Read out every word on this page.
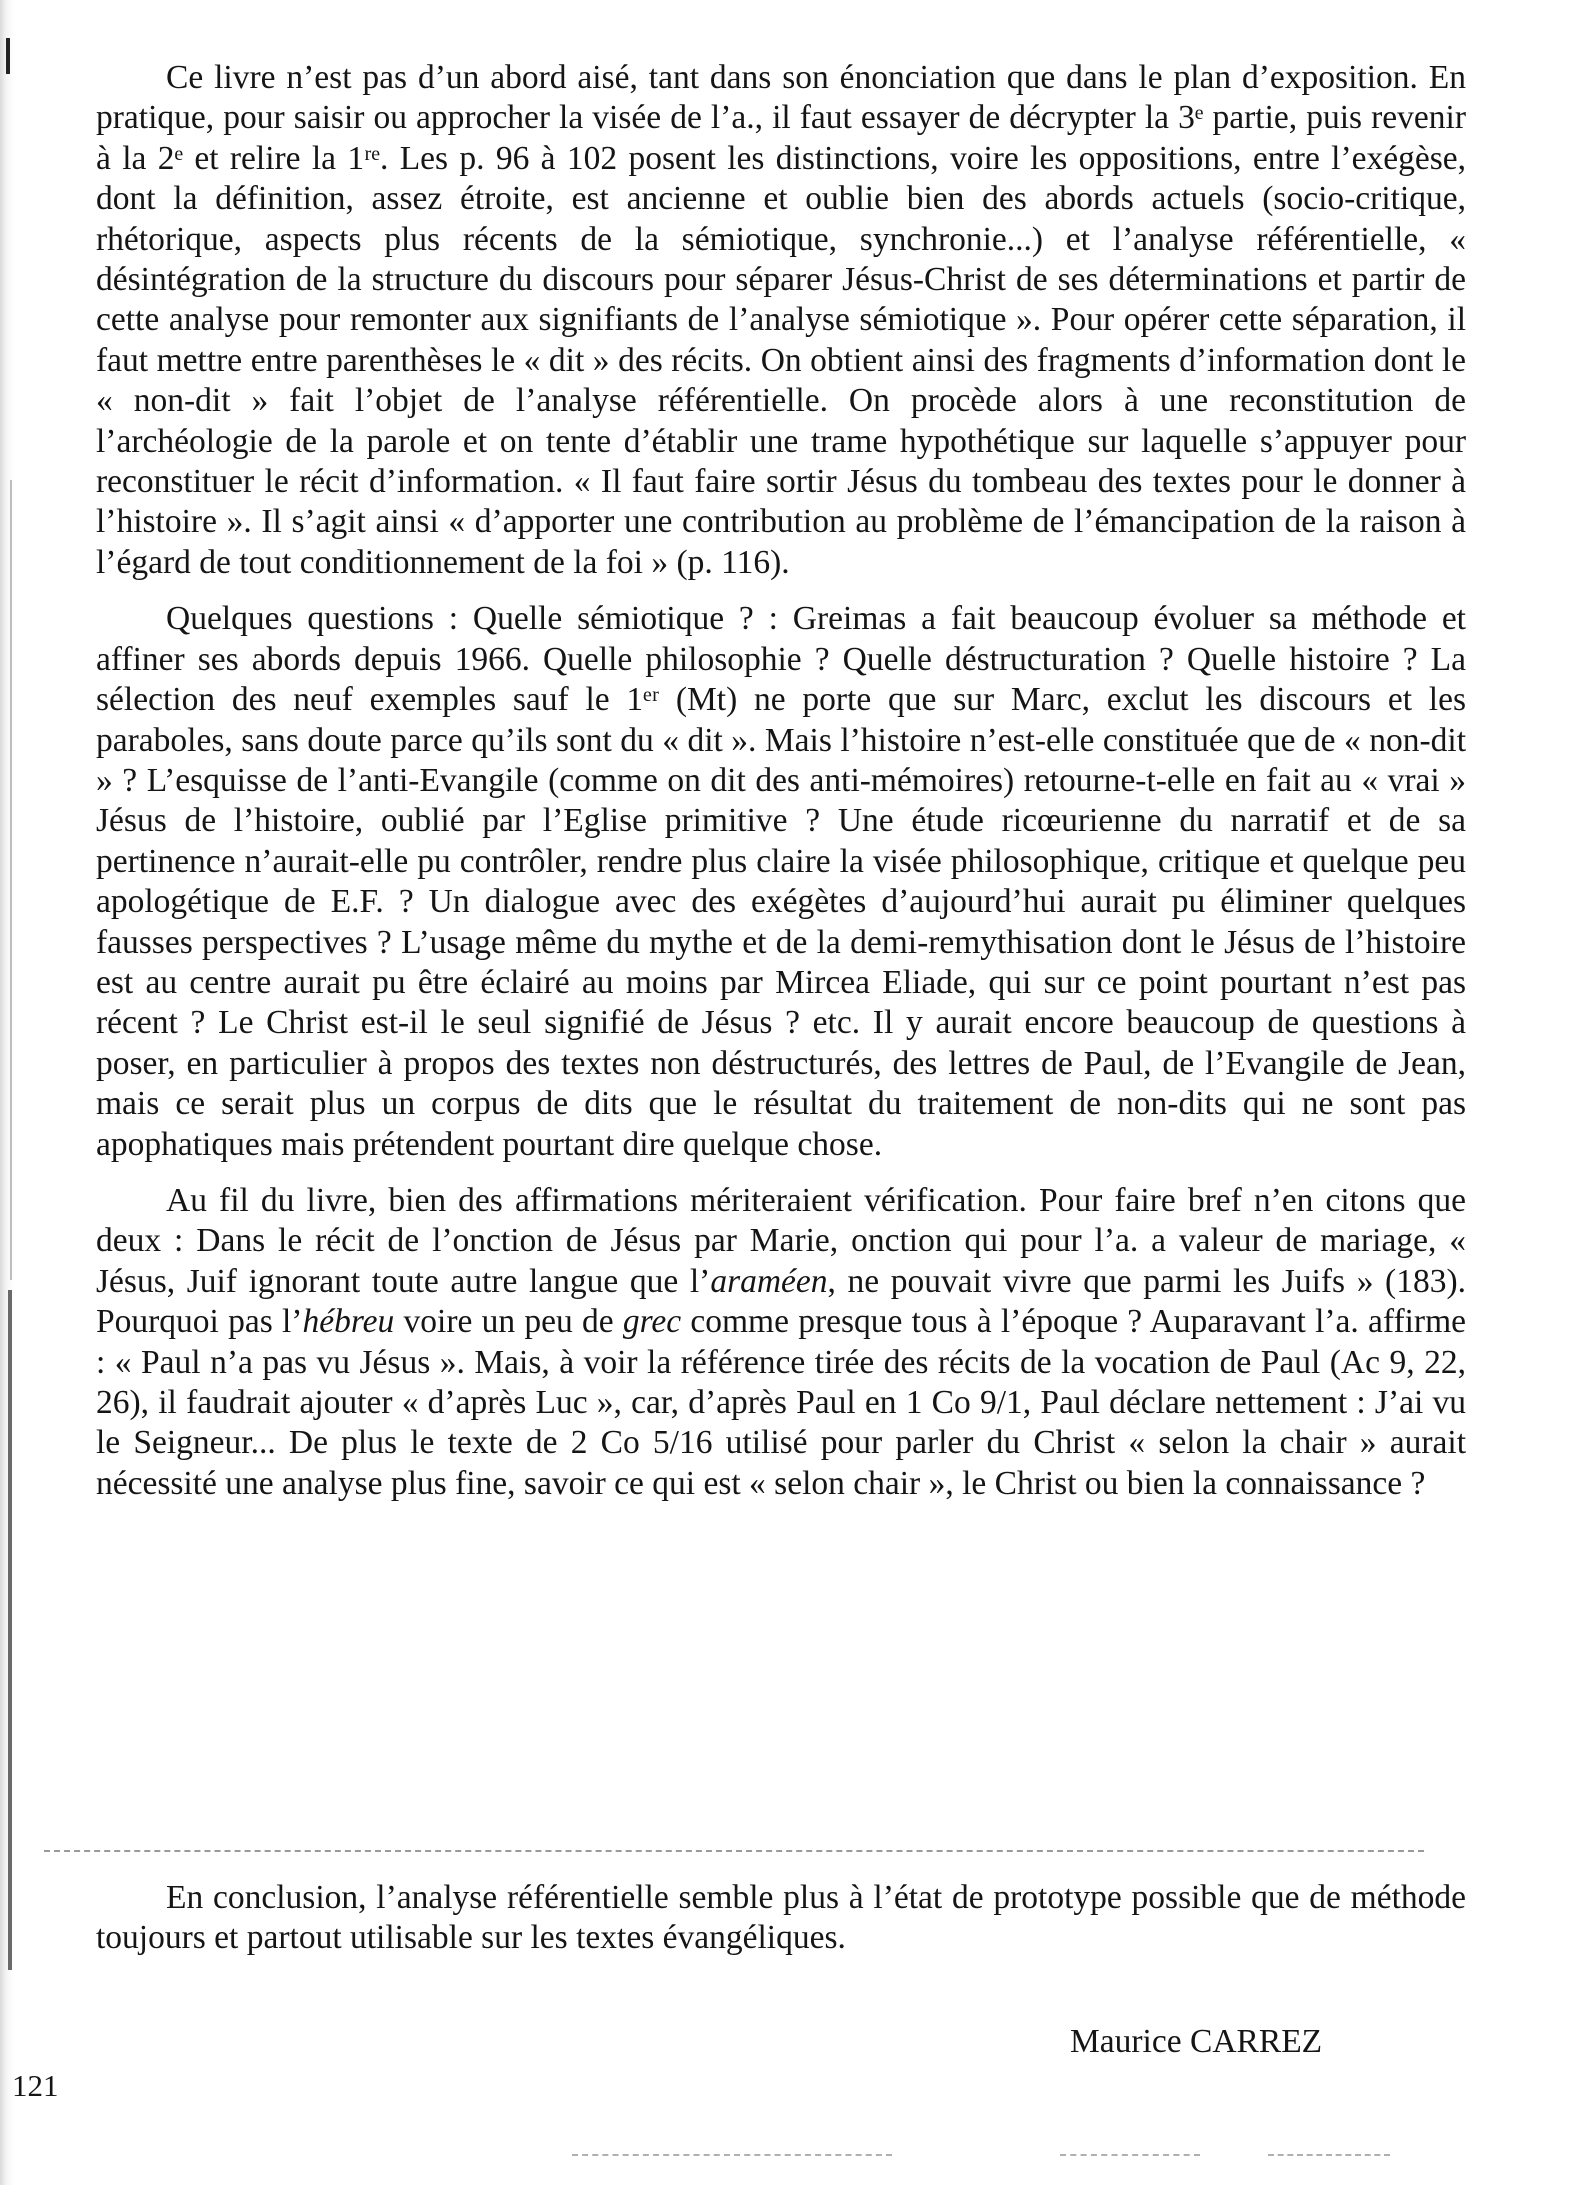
Ce livre n’est pas d’un abord aisé, tant dans son énonciation que dans le plan d’exposition. En pratique, pour saisir ou approcher la visée de l’a., il faut essayer de décrypter la 3ᵉ partie, puis revenir à la 2ᵉ et relire la 1ʳᵉ. Les p. 96 à 102 posent les distinctions, voire les oppositions, entre l’exégèse, dont la définition, assez étroite, est ancienne et oublie bien des abords actuels (socio-critique, rhétorique, aspects plus récents de la sémiotique, synchronie...) et l’analyse référentielle, « désintégration de la structure du discours pour séparer Jésus-Christ de ses déterminations et partir de cette analyse pour remonter aux signifiants de l’analyse sémiotique ». Pour opérer cette séparation, il faut mettre entre parenthèses le « dit » des récits. On obtient ainsi des fragments d’information dont le « non-dit » fait l’objet de l’analyse référentielle. On procède alors à une reconstitution de l’archéologie de la parole et on tente d’établir une trame hypothétique sur laquelle s’appuyer pour reconstituer le récit d’information. « Il faut faire sortir Jésus du tombeau des textes pour le donner à l’histoire ». Il s’agit ainsi « d’apporter une contribution au problème de l’émancipation de la raison à l’égard de tout conditionnement de la foi » (p. 116).

Quelques questions : Quelle sémiotique ? : Greimas a fait beaucoup évoluer sa méthode et affiner ses abords depuis 1966. Quelle philosophie ? Quelle déstructuration ? Quelle histoire ? La sélection des neuf exemples sauf le 1ᵉʳ (Mt) ne porte que sur Marc, exclut les discours et les paraboles, sans doute parce qu’ils sont du « dit ». Mais l’histoire n’est-elle constituée que de « non-dit » ? L’esquisse de l’anti-Evangile (comme on dit des anti-mémoires) retourne-t-elle en fait au « vrai » Jésus de l’histoire, oublié par l’Eglise primitive ? Une étude ricœurienne du narratif et de sa pertinence n’aurait-elle pu contrôler, rendre plus claire la visée philosophique, critique et quelque peu apologétique de E.F. ? Un dialogue avec des exégètes d’aujourd’hui aurait pu éliminer quelques fausses perspectives ? L’usage même du mythe et de la demi-remythisation dont le Jésus de l’histoire est au centre aurait pu être éclairé au moins par Mircea Eliade, qui sur ce point pourtant n’est pas récent ? Le Christ est-il le seul signifié de Jésus ? etc. Il y aurait encore beaucoup de questions à poser, en particulier à propos des textes non déstructurés, des lettres de Paul, de l’Evangile de Jean, mais ce serait plus un corpus de dits que le résultat du traitement de non-dits qui ne sont pas apophatiques mais prétendent pourtant dire quelque chose.

Au fil du livre, bien des affirmations mériteraient vérification. Pour faire bref n’en citons que deux : Dans le récit de l’onction de Jésus par Marie, onction qui pour l’a. a valeur de mariage, « Jésus, Juif ignorant toute autre langue que l’araméen, ne pouvait vivre que parmi les Juifs » (183). Pourquoi pas l’hébreu voire un peu de grec comme presque tous à l’époque ? Auparavant l’a. affirme : « Paul n’a pas vu Jésus ». Mais, à voir la référence tirée des récits de la vocation de Paul (Ac 9, 22, 26), il faudrait ajouter « d’après Luc », car, d’après Paul en 1 Co 9/1, Paul déclare nettement : J’ai vu le Seigneur... De plus le texte de 2 Co 5/16 utilisé pour parler du Christ « selon la chair » aurait nécessité une analyse plus fine, savoir ce qui est « selon chair », le Christ ou bien la connaissance ?

En conclusion, l’analyse référentielle semble plus à l’état de prototype possible que de méthode toujours et partout utilisable sur les textes évangéliques.

Maurice CARREZ

121
